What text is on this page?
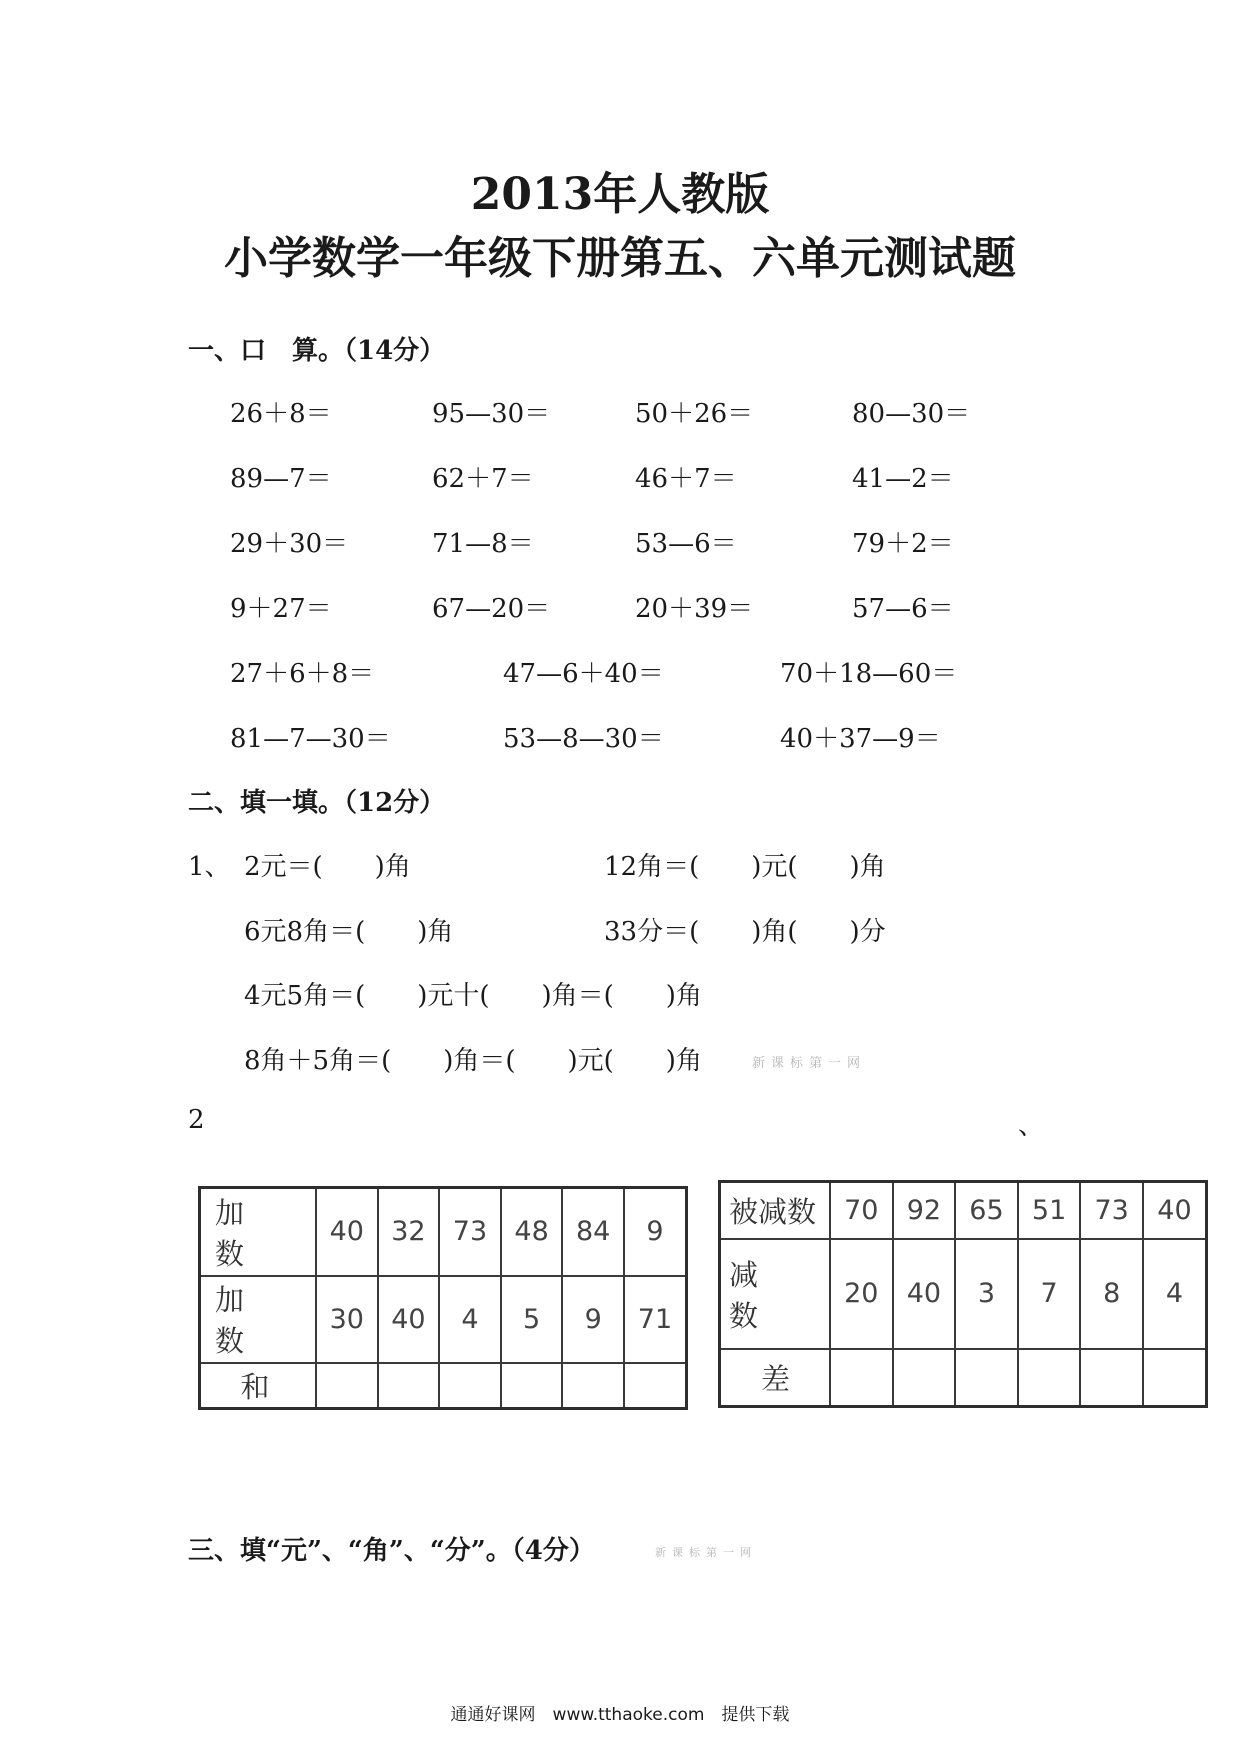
2013年人教版
小学数学一年级下册第五、六单元测试题
一、口　算。（14分）
26＋8＝	95—30＝	50＋26＝	80—30＝
89—7＝	62＋7＝	46＋7＝	41—2＝
29＋30＝	71—8＝	53—6＝	79＋2＝
9＋27＝	67—20＝	20＋39＝	57—6＝
27＋6＋8＝	47—6＋40＝	70＋18—60＝
81—7—30＝	53—8—30＝	40＋37—9＝
二、填一填。（12分）
1、 2元＝(　　)角	12角＝(　　)元(　　)角
6元8角＝(　　)角	33分＝(　　)角(　　)分
4元5角＝(　　)元十(　　)角＝(　　)角
8角＋5角＝(　　)角＝(　　)元(　　)角	新课标第一网
2	、
加　数	40	32	73	48	84	9
加　数	30	40	4	5	9	71
和						
被减数	70	92	65	51	73	40
减　数	20	40	3	7	8	4
差						
三、填“元”、“角”、“分”。（4分）	新课标第一网
通通好课网　www.tthaoke.com　提供下载
